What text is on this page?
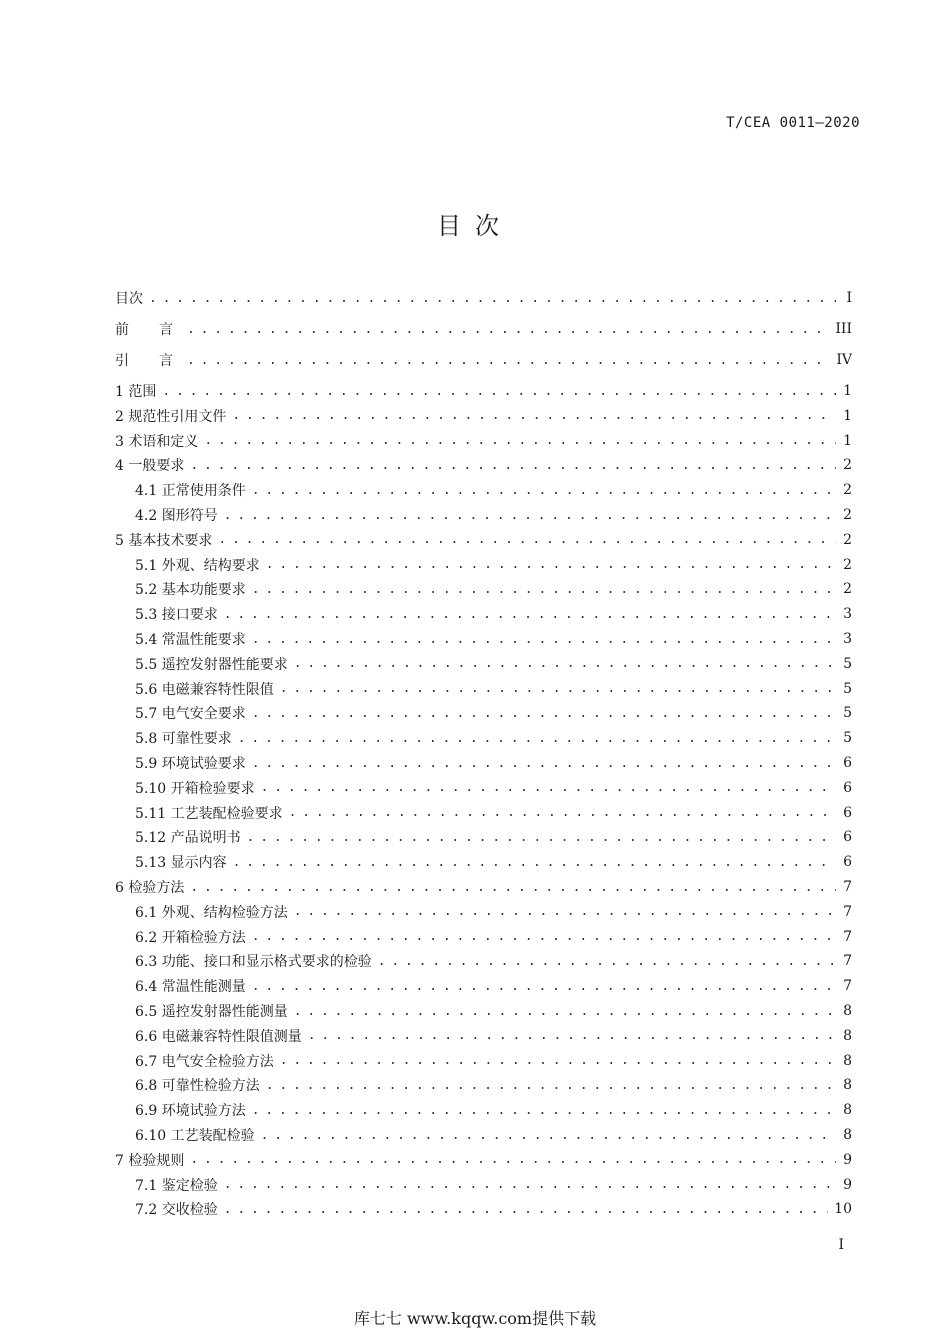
T/CEA 0011—2020
目次
目次 . . .	I
前　言 . . .	III
引　言 . . .	IV
1 范围 . . .	1
2 规范性引用文件 . . .	1
3 术语和定义 . . .	1
4 一般要求 . . .	2
4.1 正常使用条件 . . .	2
4.2 图形符号 . . .	2
5 基本技术要求 . . .	2
5.1 外观、结构要求 . . .	2
5.2 基本功能要求 . . .	2
5.3 接口要求 . . .	3
5.4 常温性能要求 . . .	3
5.5 遥控发射器性能要求 . . .	5
5.6 电磁兼容特性限值 . . .	5
5.7 电气安全要求 . . .	5
5.8 可靠性要求 . . .	5
5.9 环境试验要求 . . .	6
5.10 开箱检验要求 . . .	6
5.11 工艺装配检验要求 . . .	6
5.12 产品说明书 . . .	6
5.13 显示内容 . . .	6
6 检验方法 . . .	7
6.1 外观、结构检验方法 . . .	7
6.2 开箱检验方法 . . .	7
6.3 功能、接口和显示格式要求的检验 . . .	7
6.4 常温性能测量 . . .	7
6.5 遥控发射器性能测量 . . .	8
6.6 电磁兼容特性限值测量 . . .	8
6.7 电气安全检验方法 . . .	8
6.8 可靠性检验方法 . . .	8
6.9 环境试验方法 . . .	8
6.10 工艺装配检验 . . .	8
7 检验规则 . . .	9
7.1 鉴定检验 . . .	9
7.2 交收检验 . . .	10
I
库七七 www.kqqw.com提供下载
